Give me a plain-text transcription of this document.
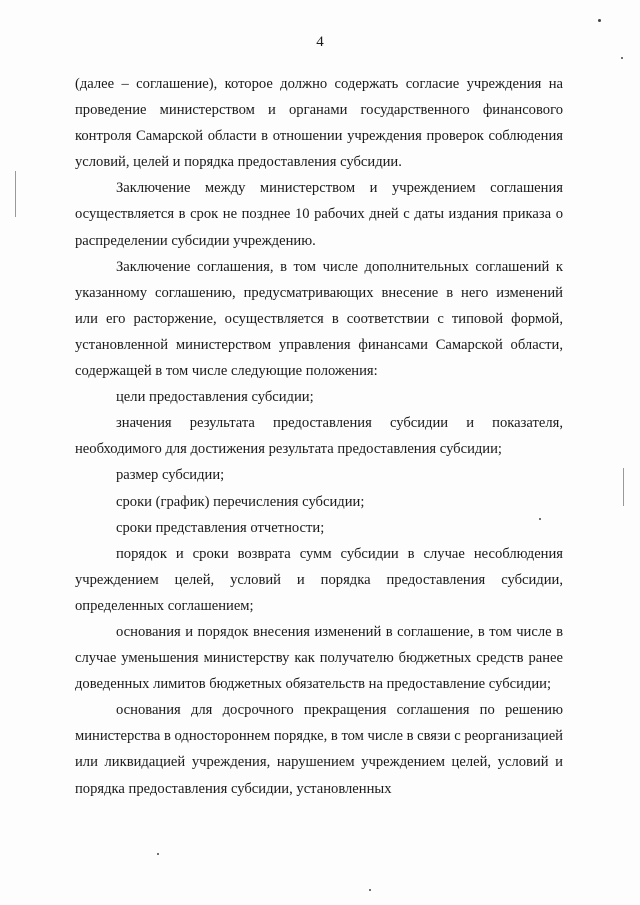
4

(далее – соглашение), которое должно содержать согласие учреждения на проведение министерством и органами государственного финансового контроля Самарской области в отношении учреждения проверок соблюдения условий, целей и порядка предоставления субсидии.

Заключение между министерством и учреждением соглашения осуществляется в срок не позднее 10 рабочих дней с даты издания приказа о распределении субсидии учреждению.

Заключение соглашения, в том числе дополнительных соглашений к указанному соглашению, предусматривающих внесение в него изменений или его расторжение, осуществляется в соответствии с типовой формой, установленной министерством управления финансами Самарской области, содержащей в том числе следующие положения:

цели предоставления субсидии;

значения результата предоставления субсидии и показателя, необходимого для достижения результата предоставления субсидии;

размер субсидии;

сроки (график) перечисления субсидии;

сроки представления отчетности;

порядок и сроки возврата сумм субсидии в случае несоблюдения учреждением целей, условий и порядка предоставления субсидии, определенных соглашением;

основания и порядок внесения изменений в соглашение, в том числе в случае уменьшения министерству как получателю бюджетных средств ранее доведенных лимитов бюджетных обязательств на предоставление субсидии;

основания для досрочного прекращения соглашения по решению министерства в одностороннем порядке, в том числе в связи с реорганизацией или ликвидацией учреждения, нарушением учреждением целей, условий и порядка предоставления субсидии, установленных
